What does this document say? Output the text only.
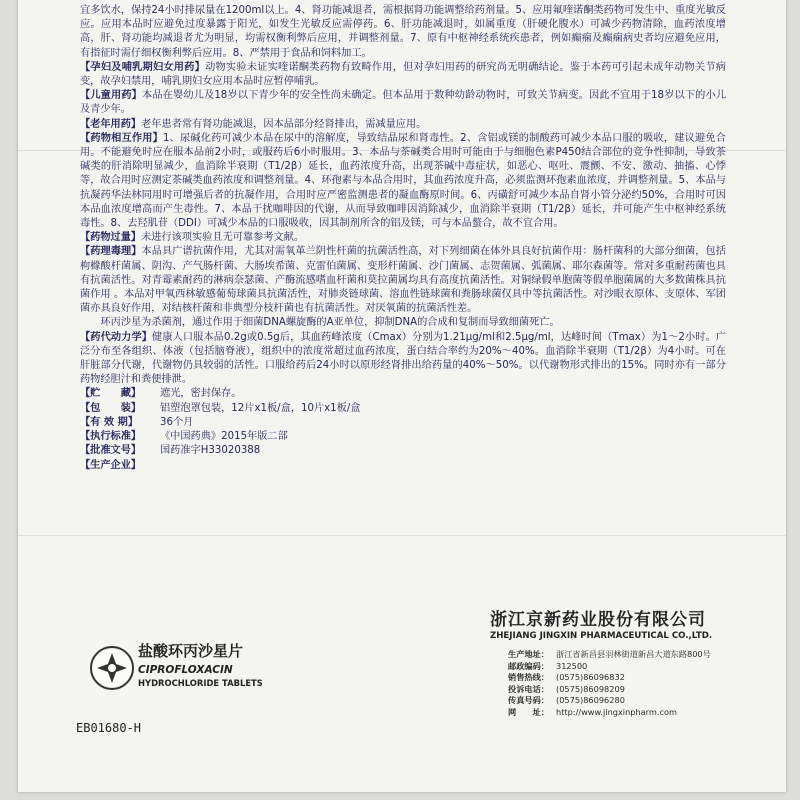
宜多饮水，保持24小时排尿量在1200ml以上。4、肾功能减退者，需根据肾功能调整给药剂量。5、应用氟喹诺酮类药物可发生中、重度光敏反应。应用本品时应避免过度暴露于阳光，如发生光敏反应需停药。6、肝功能减退时，如属重度（肝硬化腹水）可减少药物清除，血药浓度增高，肝、肾功能均减退者尤为明显，均需权衡利弊后应用，并调整剂量。7、原有中枢神经系统疾患者，例如癫痫及癫痫病史者均应避免应用，有指征时需仔细权衡利弊后应用。8、严禁用于食品和饲料加工。

【孕妇及哺乳期妇女用药】动物实验未证实喹诺酮类药物有致畸作用，但对孕妇用药的研究尚无明确结论。鉴于本药可引起未成年动物关节病变，故孕妇禁用，哺乳期妇女应用本品时应暂停哺乳。

【儿童用药】本品在婴幼儿及18岁以下青少年的安全性尚未确定。但本品用于数种幼龄动物时，可致关节病变。因此不宜用于18岁以下的小儿及青少年。

【老年用药】老年患者常有肾功能减退，因本品部分经肾排出，需减量应用。

【药物相互作用】1、尿碱化药可减少本品在尿中的溶解度，导致结晶尿和肾毒性。2、含铝或镁的制酸药可减少本品口服的吸收，建议避免合用。不能避免时应在服本品前2小时，或服药后6小时服用。3、本品与茶碱类合用时可能由于与细胞色素P450结合部位的竞争性抑制，导致茶碱类的肝消除明显减少，血消除半衰期（T1/2β）延长，血药浓度升高，出现茶碱中毒症状，如恶心、呕吐、震颤、不安、激动、抽搐、心悸等，故合用时应测定茶碱类血药浓度和调整剂量。4、环孢素与本品合用时，其血药浓度升高，必须监测环孢素血浓度，并调整剂量。5、本品与抗凝药华法林同用时可增强后者的抗凝作用，合用时应严密监测患者的凝血酶原时间。6、丙磺舒可减少本品自肾小管分泌约50%，合用时可因本品血浓度增高而产生毒性。7、本品干扰咖啡因的代谢，从而导致咖啡因消除减少，血消除半衰期（T1/2β）延长，并可能产生中枢神经系统毒性。8、去羟肌苷（DDI）可减少本品的口服吸收，因其制剂所含的铝及镁，可与本品螯合，故不宜合用。

【药物过量】未进行该项实验且无可靠参考文献。

【药理毒理】本品具广谱抗菌作用，尤其对需氧革兰阴性杆菌的抗菌活性高，对下列细菌在体外具良好抗菌作用：肠杆菌科的大部分细菌，包括枸橼酸杆菌属、阴沟、产气肠杆菌、大肠埃希菌、克雷伯菌属、变形杆菌属、沙门菌属、志贺菌属、弧菌属、耶尔森菌等。常对多重耐药菌也具有抗菌活性。对青霉素耐药的淋病奈瑟菌、产酶流感嗜血杆菌和莫拉菌属均具有高度抗菌活性。对铜绿假单胞菌等假单胞菌属的大多数菌株具抗菌作用 。本品对甲氧西林敏感葡萄球菌具抗菌活性，对肺炎链球菌、溶血性链球菌和粪肠球菌仅具中等抗菌活性。对沙眼衣原体、支原体、军团菌亦具良好作用，对结核杆菌和非典型分枝杆菌也有抗菌活性。对厌氧菌的抗菌活性差。

环丙沙星为杀菌剂，通过作用于细菌DNA螺旋酶的A亚单位，抑制DNA的合成和复制而导致细菌死亡。

【药代动力学】健康人口服本品0.2g或0.5g后，其血药峰浓度（Cmax）分别为1.21μg/ml和2.5μg/ml，达峰时间（Tmax）为1～2小时。广泛分布至各组织、体液（包括脑脊液），组织中的浓度常超过血药浓度，蛋白结合率约为20%～40%。血消除半衰期（T1/2β）为4小时。可在肝脏部分代谢，代谢物仍具较弱的活性。口服给药后24小时以原形经肾排出给药量的40%～50%。以代谢物形式排出的15%。同时亦有一部分药物经胆汁和粪便排泄。

【贮　　藏】	遮光，密封保存。
【包　　装】	铝塑泡罩包装，12片x1板/盒，10片x1板/盒
【有 效 期】	36个月
【执行标准】	《中国药典》2015年版二部
【批准文号】	国药准字H33020388
【生产企业】
盐酸环丙沙星片
CIPROFLOXACIN
HYDROCHLORIDE TABLETS
EB01680-H
浙江京新药业股份有限公司
ZHEJIANG JINGXIN PHARMACEUTICAL CO.,LTD.
生产地址： 浙江省新昌县羽林街道新昌大道东路800号
邮政编码： 312500
销售热线： (0575)86096832
投诉电话： (0575)86098209
传真号码： (0575)86096280
网　　址： http://www.jingxinpharm.com
